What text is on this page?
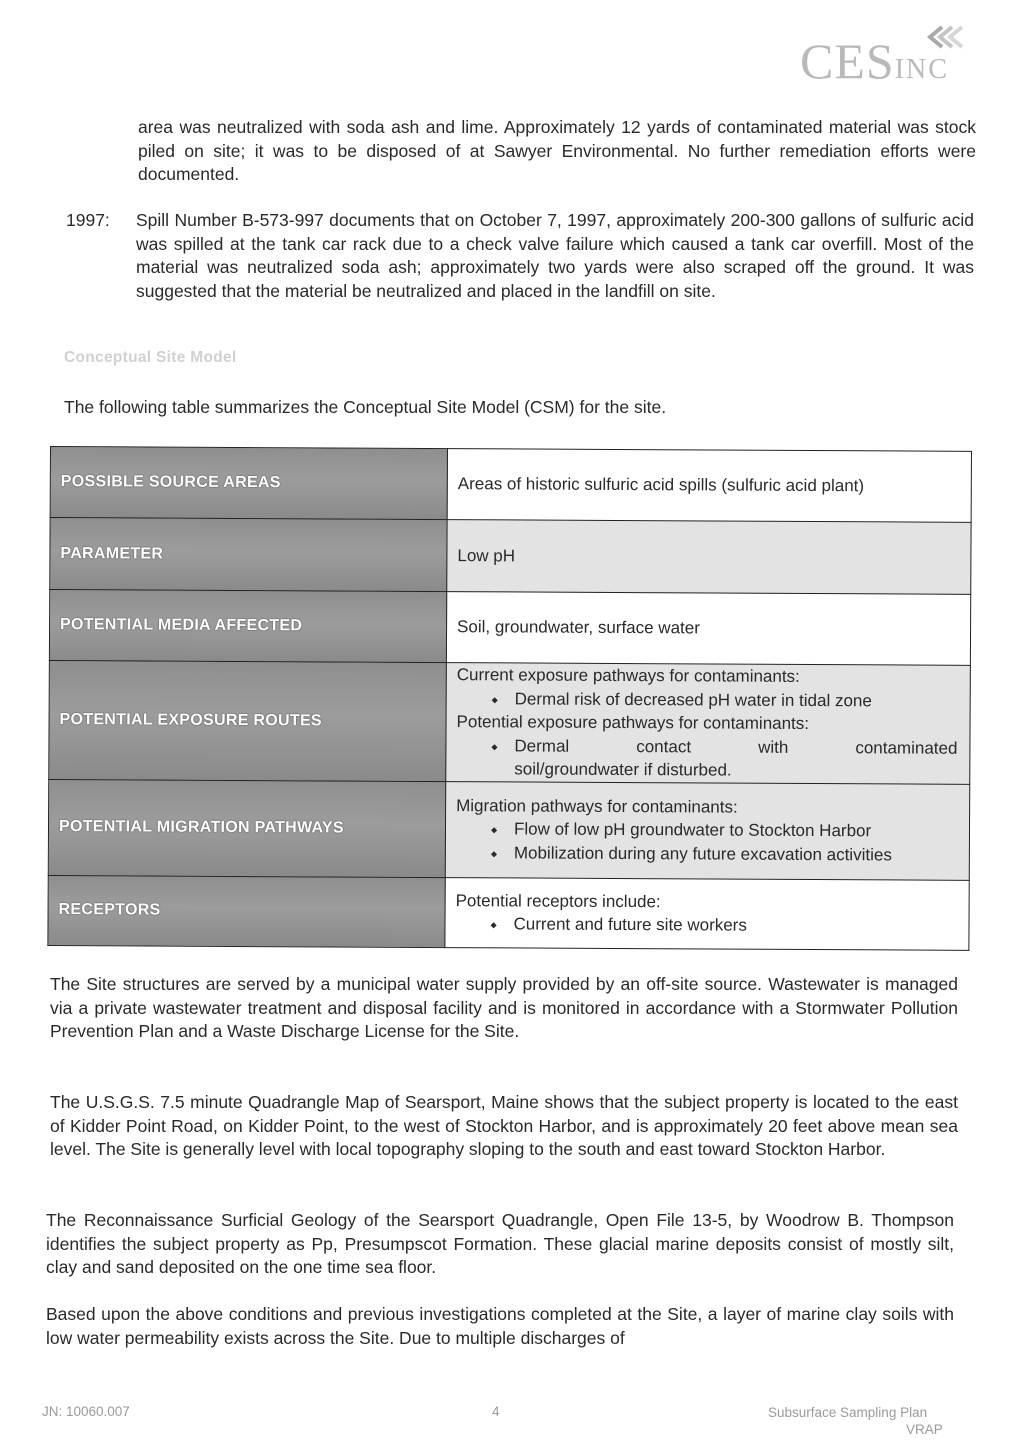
CESINC

area was neutralized with soda ash and lime. Approximately 12 yards of contaminated material was stock piled on site; it was to be disposed of at Sawyer Environmental. No further remediation efforts were documented.

1997: Spill Number B-573-997 documents that on October 7, 1997, approximately 200-300 gallons of sulfuric acid was spilled at the tank car rack due to a check valve failure which caused a tank car overfill. Most of the material was neutralized soda ash; approximately two yards were also scraped off the ground. It was suggested that the material be neutralized and placed in the landfill on site.

Conceptual Site Model
The following table summarizes the Conceptual Site Model (CSM) for the site.
POSSIBLE SOURCE AREAS	Areas of historic sulfuric acid spills (sulfuric acid plant)
PARAMETER	Low pH
POTENTIAL MEDIA AFFECTED	Soil, groundwater, surface water
POTENTIAL EXPOSURE ROUTES	Current exposure pathways for contaminants:
◆ Dermal risk of decreased pH water in tidal zone
Potential exposure pathways for contaminants:
◆ Dermal contact with contaminated
soil/groundwater if disturbed.

POTENTIAL MIGRATION PATHWAYS	Migration pathways for contaminants:
◆ Flow of low pH groundwater to Stockton Harbor
◆ Mobilization during any future excavation activities

RECEPTORS	Potential receptors include:
◆ Current and future site workers

The Site structures are served by a municipal water supply provided by an off-site source. Wastewater is managed via a private wastewater treatment and disposal facility and is monitored in accordance with a Stormwater Pollution Prevention Plan and a Waste Discharge License for the Site.

The U.S.G.S. 7.5 minute Quadrangle Map of Searsport, Maine shows that the subject property is located to the east of Kidder Point Road, on Kidder Point, to the west of Stockton Harbor, and is approximately 20 feet above mean sea level. The Site is generally level with local topography sloping to the south and east toward Stockton Harbor.

The Reconnaissance Surficial Geology of the Searsport Quadrangle, Open File 13-5, by Woodrow B. Thompson identifies the subject property as Pp, Presumpscot Formation. These glacial marine deposits consist of mostly silt, clay and sand deposited on the one time sea floor.

Based upon the above conditions and previous investigations completed at the Site, a layer of marine clay soils with low water permeability exists across the Site. Due to multiple discharges of

JN: 10060.007	4	Subsurface Sampling Plan
VRAP
